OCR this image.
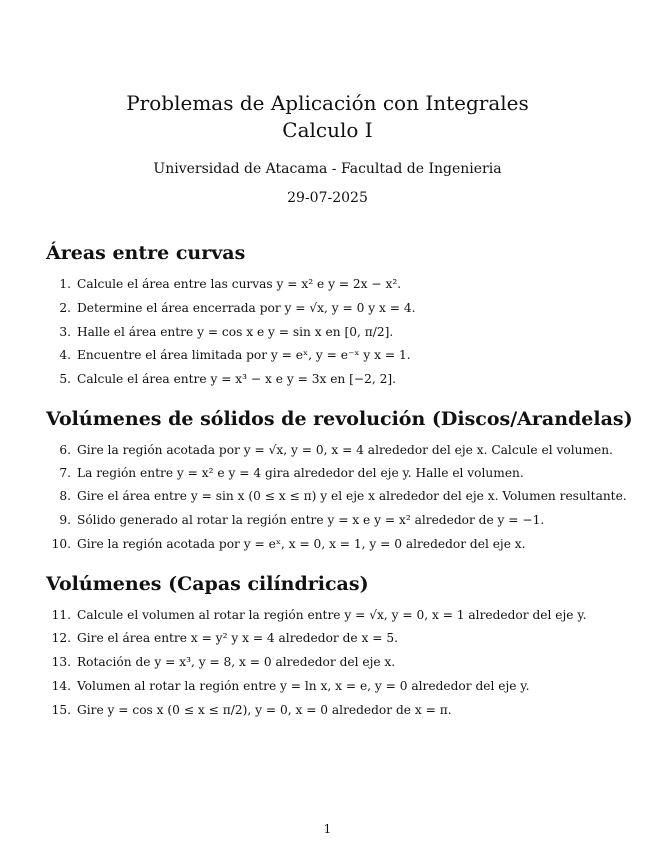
Problemas de Aplicación con Integrales
Calculo I
Universidad de Atacama - Facultad de Ingenieria
29-07-2025
Áreas entre curvas
1. Calcule el área entre las curvas y = x² e y = 2x − x².
2. Determine el área encerrada por y = √x, y = 0 y x = 4.
3. Halle el área entre y = cos x e y = sin x en [0, π/2].
4. Encuentre el área limitada por y = eˣ, y = e⁻ˣ y x = 1.
5. Calcule el área entre y = x³ − x e y = 3x en [−2, 2].
Volúmenes de sólidos de revolución (Discos/Arandelas)
6. Gire la región acotada por y = √x, y = 0, x = 4 alrededor del eje x. Calcule el volumen.
7. La región entre y = x² e y = 4 gira alrededor del eje y. Halle el volumen.
8. Gire el área entre y = sin x (0 ≤ x ≤ π) y el eje x alrededor del eje x. Volumen resultante.
9. Sólido generado al rotar la región entre y = x e y = x² alrededor de y = −1.
10. Gire la región acotada por y = eˣ, x = 0, x = 1, y = 0 alrededor del eje x.
Volúmenes (Capas cilíndricas)
11. Calcule el volumen al rotar la región entre y = √x, y = 0, x = 1 alrededor del eje y.
12. Gire el área entre x = y² y x = 4 alrededor de x = 5.
13. Rotación de y = x³, y = 8, x = 0 alrededor del eje x.
14. Volumen al rotar la región entre y = ln x, x = e, y = 0 alrededor del eje y.
15. Gire y = cos x (0 ≤ x ≤ π/2), y = 0, x = 0 alrededor de x = π.
1
